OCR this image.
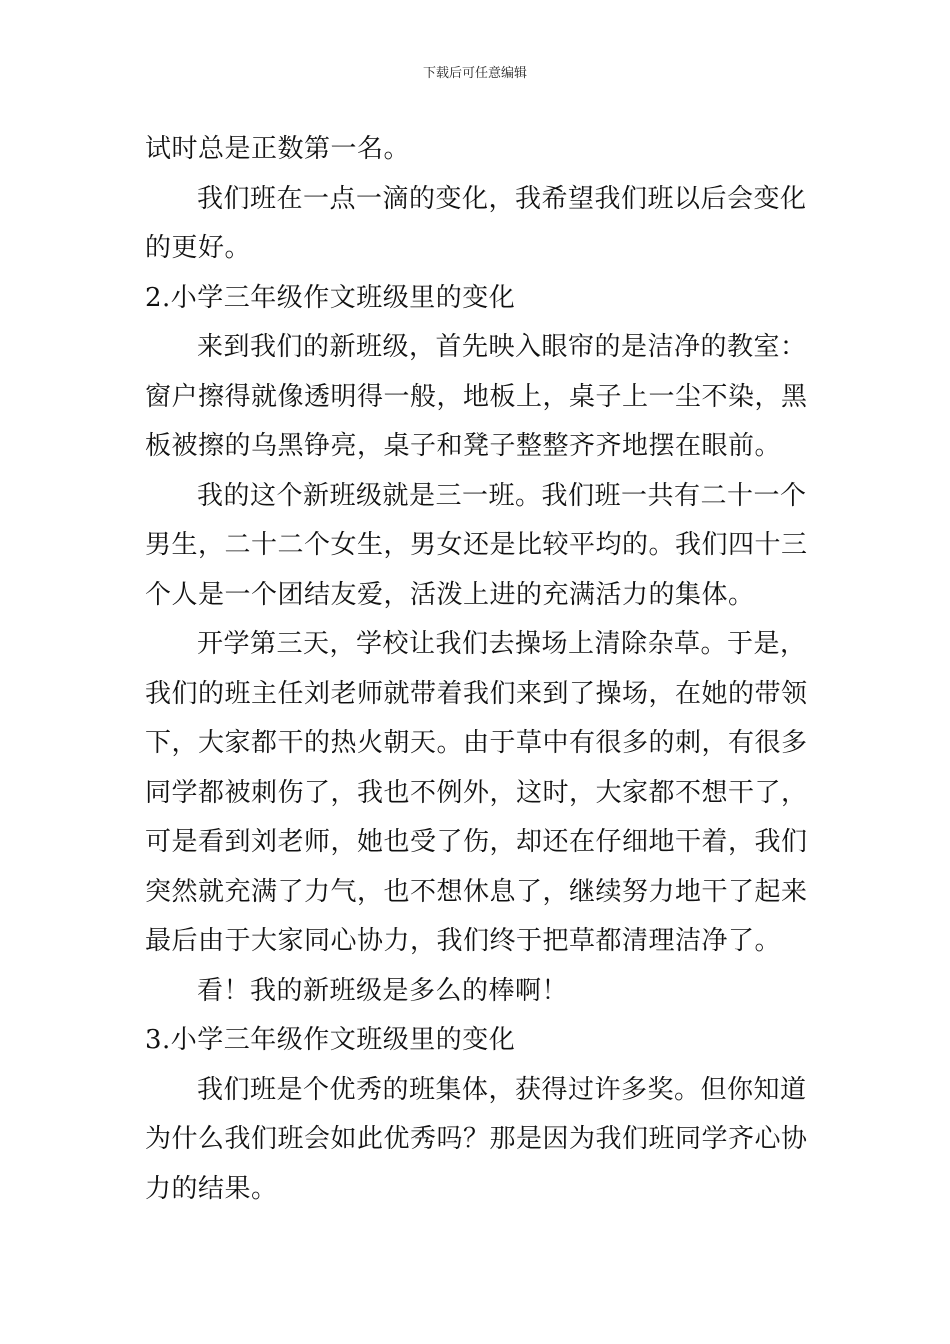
下载后可任意编辑
试时总是正数第一名。
我们班在一点一滴的变化，我希望我们班以后会变化
的更好。
2.小学三年级作文班级里的变化
来到我们的新班级，首先映入眼帘的是洁净的教室：
窗户擦得就像透明得一般，地板上，桌子上一尘不染，黑
板被擦的乌黑铮亮，桌子和凳子整整齐齐地摆在眼前。
我的这个新班级就是三一班。我们班一共有二十一个
男生，二十二个女生，男女还是比较平均的。我们四十三
个人是一个团结友爱，活泼上进的充满活力的集体。
开学第三天，学校让我们去操场上清除杂草。于是，
我们的班主任刘老师就带着我们来到了操场，在她的带领
下，大家都干的热火朝天。由于草中有很多的刺，有很多
同学都被刺伤了，我也不例外，这时，大家都不想干了，
可是看到刘老师，她也受了伤，却还在仔细地干着，我们
突然就充满了力气，也不想休息了，继续努力地干了起来
最后由于大家同心协力，我们终于把草都清理洁净了。
看！我的新班级是多么的棒啊！
3.小学三年级作文班级里的变化
我们班是个优秀的班集体，获得过许多奖。但你知道
为什么我们班会如此优秀吗？那是因为我们班同学齐心协
力的结果。
